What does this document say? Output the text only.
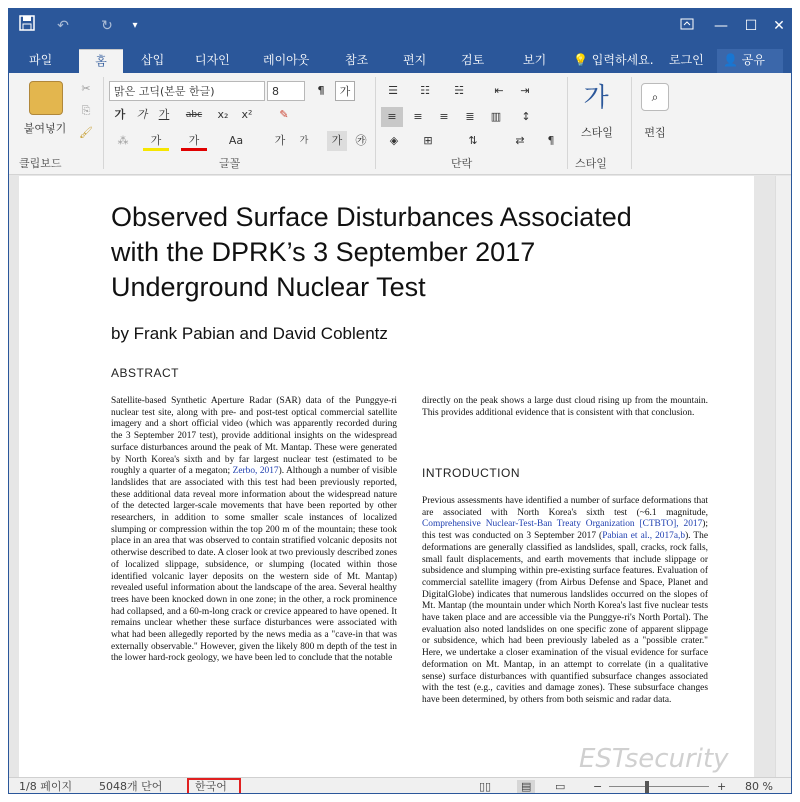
↶ ↻	▾	—	☐	✕
파일	홈	삽입	디자인	레이아웃	참조	편지	검토	보기	💡 입력하세요.	로그인	👤 공유
붙여넣기
✂
⎘
🖌
클립보드
맑은 고딕(본문 한글)	8	¶	가
가	가	가	abc	x₂	x²	✎
⁂	가	가	Aa	가	가	가	㉮
글꼴
☰	☷	☵	⇤	⇥
≡	≡	≡	≣	▥	↕
◈	⊞	⇅	⇄	¶
단락
가
스타일
스타일
⌕
편집
Observed Surface Disturbances Associated
with the DPRK’s 3 September 2017
Underground Nuclear Test
by Frank Pabian and David Coblentz
ABSTRACT
Satellite-based Synthetic Aperture Radar (SAR) data of the Punggye-ri nuclear test site, along with pre- and post-test optical commercial satellite imagery and a short official video (which was apparently recorded during the 3 September 2017 test), provide additional insights on the widespread surface disturbances around the peak of Mt. Mantap. These were generated by North Korea's sixth and by far largest nuclear test (estimated to be roughly a quarter of a megaton; Zerbo, 2017). Although a number of visible landslides that are associated with this test had been previously reported, these additional data reveal more information about the widespread nature of the detected larger-scale movements that have been reported by other researchers, in addition to some smaller scale instances of localized slumping or compression within the top 200 m of the mountain; these took place in an area that was observed to contain stratified volcanic deposits not otherwise described to date. A closer look at two previously described zones of localized slippage, subsidence, or slumping (located within those identified volcanic layer deposits on the western side of Mt. Mantap) revealed useful information about the landscape of the area. Several healthy trees have been knocked down in one zone; in the other, a rock prominence had collapsed, and a 60-m-long crack or crevice appeared to have opened. It remains unclear whether these surface disturbances were associated with what had been allegedly reported by the news media as a "cave-in that was externally observable." However, given the likely 800 m depth of the test in the lower hard-rock geology, we have been led to conclude that the notable
directly on the peak shows a large dust cloud rising up from the mountain. This provides additional evidence that is consistent with that conclusion.
INTRODUCTION
Previous assessments have identified a number of surface deformations that are associated with North Korea's sixth test (~6.1 magnitude, Comprehensive Nuclear-Test-Ban Treaty Organization [CTBTO], 2017); this test was conducted on 3 September 2017 (Pabian et al., 2017a,b). The deformations are generally classified as landslides, spall, cracks, rock falls, small fault displacements, and earth movements that include slippage or subsidence and slumping within pre-existing surface features. Evaluation of commercial satellite imagery (from Airbus Defense and Space, Planet and DigitalGlobe) indicates that numerous landslides occurred on the slopes of Mt. Mantap (the mountain under which North Korea's last five nuclear tests have taken place and are accessible via the Punggye-ri's North Portal). The evaluation also noted landslides on one specific zone of apparent slippage or subsidence, which had been previously labeled as a "possible crater." Here, we undertake a closer examination of the visual evidence for surface deformation on Mt. Mantap, in an attempt to correlate (in a qualitative sense) surface disturbances with quantified subsurface changes associated with the test (e.g., cavities and damage zones). These subsurface changes have been determined, by others from both seismic and radar data.
ESTsecurity
1/8 페이지 5048개 단어	한국어	▯▯	▤	▭	−	+ 80 %
